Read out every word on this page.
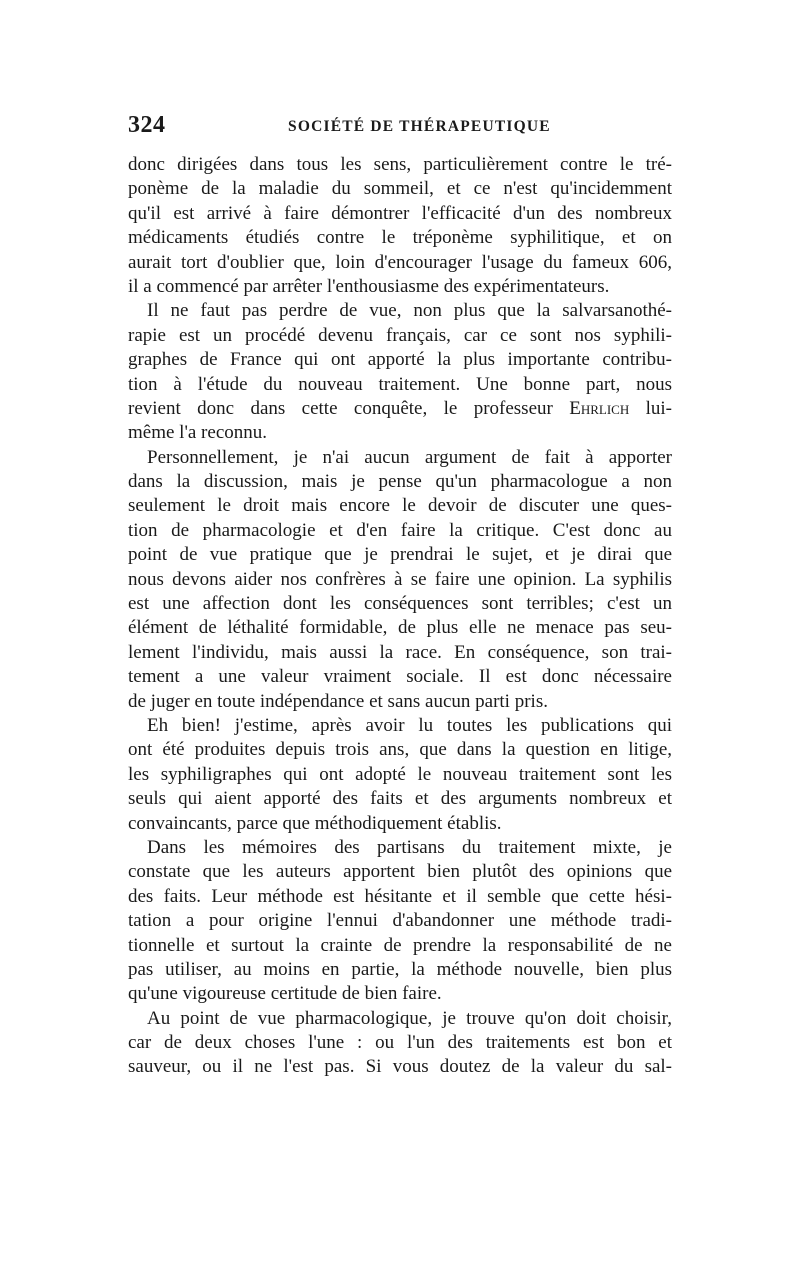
324	SOCIÉTÉ DE THÉRAPEUTIQUE

donc dirigées dans tous les sens, particulièrement contre le tré-
ponème de la maladie du sommeil, et ce n'est qu'incidemment
qu'il est arrivé à faire démontrer l'efficacité d'un des nombreux
médicaments étudiés contre le tréponème syphilitique, et on
aurait tort d'oublier que, loin d'encourager l'usage du fameux 606,
il a commencé par arrêter l'enthousiasme des expérimentateurs.

Il ne faut pas perdre de vue, non plus que la salvarsanothé-
rapie est un procédé devenu français, car ce sont nos syphili-
graphes de France qui ont apporté la plus importante contribu-
tion à l'étude du nouveau traitement. Une bonne part, nous
revient donc dans cette conquête, le professeur Ehrlich lui-
même l'a reconnu.

Personnellement, je n'ai aucun argument de fait à apporter
dans la discussion, mais je pense qu'un pharmacologue a non
seulement le droit mais encore le devoir de discuter une ques-
tion de pharmacologie et d'en faire la critique. C'est donc au
point de vue pratique que je prendrai le sujet, et je dirai que
nous devons aider nos confrères à se faire une opinion. La syphilis
est une affection dont les conséquences sont terribles; c'est un
élément de léthalité formidable, de plus elle ne menace pas seu-
lement l'individu, mais aussi la race. En conséquence, son trai-
tement a une valeur vraiment sociale. Il est donc nécessaire
de juger en toute indépendance et sans aucun parti pris.

Eh bien! j'estime, après avoir lu toutes les publications qui
ont été produites depuis trois ans, que dans la question en litige,
les syphiligraphes qui ont adopté le nouveau traitement sont les
seuls qui aient apporté des faits et des arguments nombreux et
convaincants, parce que méthodiquement établis.

Dans les mémoires des partisans du traitement mixte, je
constate que les auteurs apportent bien plutôt des opinions que
des faits. Leur méthode est hésitante et il semble que cette hési-
tation a pour origine l'ennui d'abandonner une méthode tradi-
tionnelle et surtout la crainte de prendre la responsabilité de ne
pas utiliser, au moins en partie, la méthode nouvelle, bien plus
qu'une vigoureuse certitude de bien faire.

Au point de vue pharmacologique, je trouve qu'on doit choisir,
car de deux choses l'une : ou l'un des traitements est bon et
sauveur, ou il ne l'est pas. Si vous doutez de la valeur du sal-
